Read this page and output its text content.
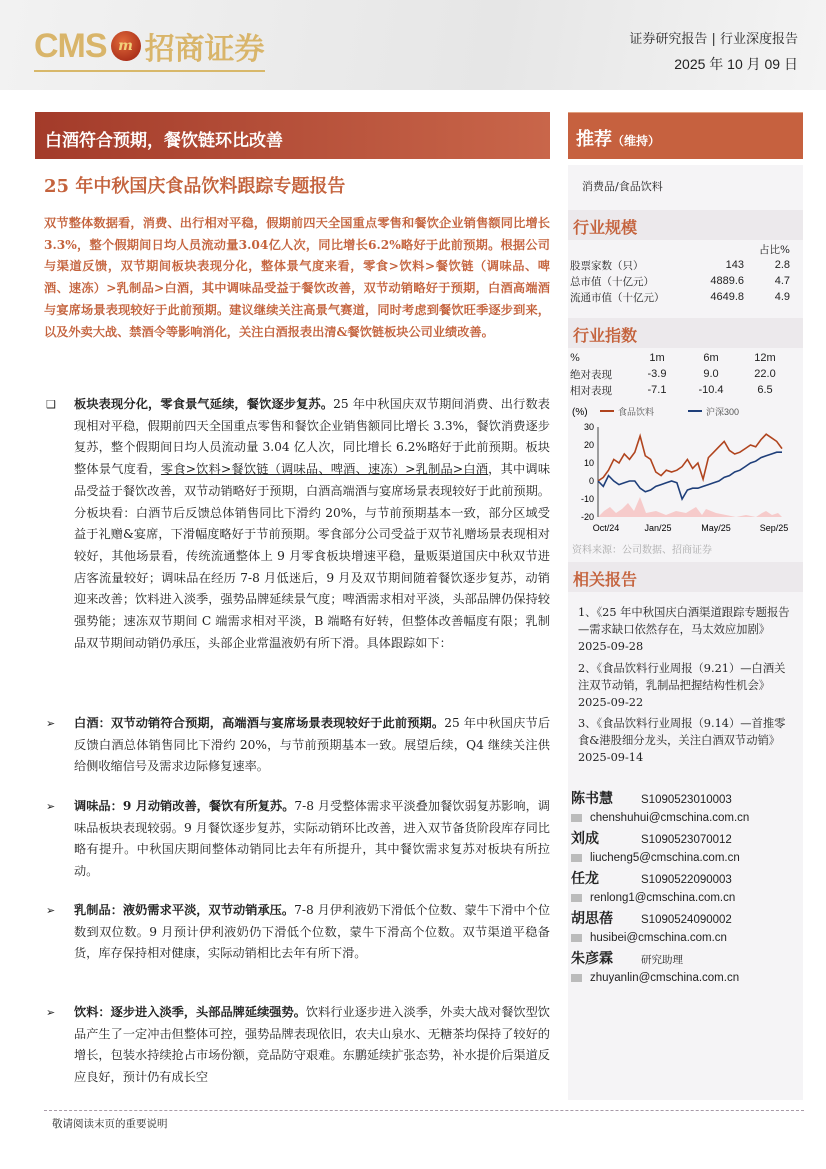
CMS m 招商证券	证券研究报告 | 行业深度报告
2025 年 10 月 09 日
白酒符合预期，餐饮链环比改善	推荐（维持）
25 年中秋国庆食品饮料跟踪专题报告	消费品/食品饮料
双节整体数据看，消费、出行相对平稳，假期前四天全国重点零售和餐饮企业销售额同比增长3.3%，整个假期间日均人员流动量3.04亿人次，同比增长6.2%略好于此前预期。根据公司与渠道反馈，双节期间板块表现分化，整体景气度来看，零食>饮料>餐饮链（调味品、啤酒、速冻）>乳制品>白酒，其中调味品受益于餐饮改善，双节动销略好于预期，白酒高端酒与宴席场景表现较好于此前预期。建议继续关注高景气赛道，同时考虑到餐饮旺季逐步到来，以及外卖大战、禁酒令等影响消化，关注白酒报表出清&餐饮链板块公司业绩改善。
❑ 板块表现分化，零食景气延续，餐饮逐步复苏。25 年中秋国庆双节期间消费、出行数表现相对平稳，假期前四天全国重点零售和餐饮企业销售额同比增长 3.3%，餐饮消费逐步复苏，整个假期间日均人员流动量 3.04 亿人次，同比增长 6.2%略好于此前预期。板块整体景气度看，零食>饮料>餐饮链（调味品、啤酒、速冻）>乳制品>白酒，其中调味品受益于餐饮改善，双节动销略好于预期，白酒高端酒与宴席场景表现较好于此前预期。分板块看：白酒节后反馈总体销售同比下滑约 20%，与节前预期基本一致，部分区域受益于礼赠&宴席，下滑幅度略好于节前预期。零食部分公司受益于双节礼赠场景表现相对较好，其他场景看，传统流通整体上 9 月零食板块增速平稳，量贩渠道国庆中秋双节进店客流量较好；调味品在经历 7-8 月低迷后，9 月及双节期间随着餐饮逐步复苏，动销迎来改善；饮料进入淡季，强势品牌延续景气度；啤酒需求相对平淡，头部品牌仍保持较强势能；速冻双节期间 C 端需求相对平淡，B 端略有好转，但整体改善幅度有限；乳制品双节期间动销仍承压，头部企业常温液奶有所下滑。具体跟踪如下：
➢ 白酒：双节动销符合预期，高端酒与宴席场景表现较好于此前预期。25 年中秋国庆节后反馈白酒总体销售同比下滑约 20%，与节前预期基本一致。展望后续，Q4 继续关注供给侧收缩信号及需求边际修复速率。
➢ 调味品：9 月动销改善，餐饮有所复苏。7-8 月受整体需求平淡叠加餐饮弱复苏影响，调味品板块表现较弱。9 月餐饮逐步复苏，实际动销环比改善，进入双节备货阶段库存同比略有提升。中秋国庆期间整体动销同比去年有所提升，其中餐饮需求复苏对板块有所拉动。
➢ 乳制品：液奶需求平淡，双节动销承压。7-8 月伊利液奶下滑低个位数、蒙牛下滑中个位数到双位数。9 月预计伊利液奶仍下滑低个位数，蒙牛下滑高个位数。双节渠道平稳备货，库存保持相对健康，实际动销相比去年有所下滑。
➢ 饮料：逐步进入淡季，头部品牌延续强势。饮料行业逐步进入淡季，外卖大战对餐饮型饮品产生了一定冲击但整体可控，强势品牌表现依旧，农夫山泉水、无糖茶均保持了较好的增长，包装水持续抢占市场份额，竞品防守艰难。东鹏延续扩张态势，补水提价后渠道反应良好，预计仍有成长空
行业规模
占比%
股票家数（只）	143	2.8
总市值（十亿元）	4889.6	4.7
流通市值（十亿元）	4649.8	4.9
行业指数
%	1m	6m	12m
绝对表现	-3.9	9.0	22.0
相对表现	-7.1	-10.4	6.5
(%)	食品饮料	沪深300
30
20
10
0
-10
-20
Oct/24	Jan/25	May/25	Sep/25
资料来源：公司数据、招商证券
相关报告
1、《25 年中秋国庆白酒渠道跟踪专题报告—需求缺口依然存在，马太效应加剧》2025-09-28
2、《食品饮料行业周报（9.21）—白酒关注双节动销，乳制品把握结构性机会》2025-09-22
3、《食品饮料行业周报（9.14）—首推零食&港股细分龙头，关注白酒双节动销》2025-09-14
陈书慧 S1090523010003
chenshuhui@cmschina.com.cn
刘成	S1090523070012
liucheng5@cmschina.com.cn
任龙	S1090522090003
renlong1@cmschina.com.cn
胡思蓓 S1090524090002
husibei@cmschina.com.cn
朱彦霖	研究助理
zhuyanlin@cmschina.com.cn
敬请阅读末页的重要说明
